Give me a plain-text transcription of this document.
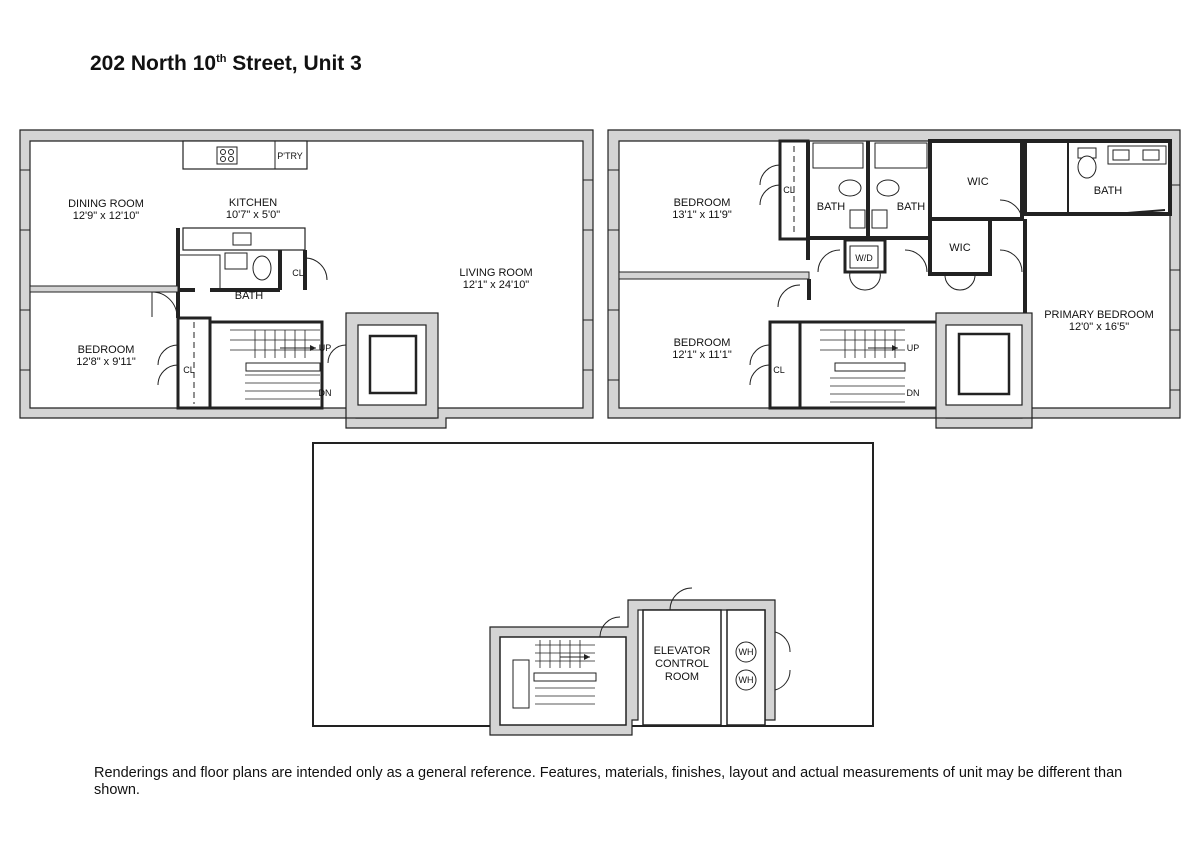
202 North 10th Street, Unit 3
DINING ROOM
12'9" x 12'10"
KITCHEN
10'7" x 5'0"
P'TRY
LIVING ROOM
12'1" x 24'10"
BATH
CL
BEDROOM
12'8" x 9'11"
CL
UP
DN
BEDROOM
13'1" x 11'9"
CL
BATH	BATH
WIC
WIC
BATH
W/D
BEDROOM
12'1" x 11'1"
CL
PRIMARY BEDROOM
12'0" x 16'5"
UP
DN
ELEVATOR
CONTROL
ROOM
WH
WH

Renderings and floor plans are intended only as a general reference. Features, materials, finishes, layout and actual measurements of unit may be different than shown.
